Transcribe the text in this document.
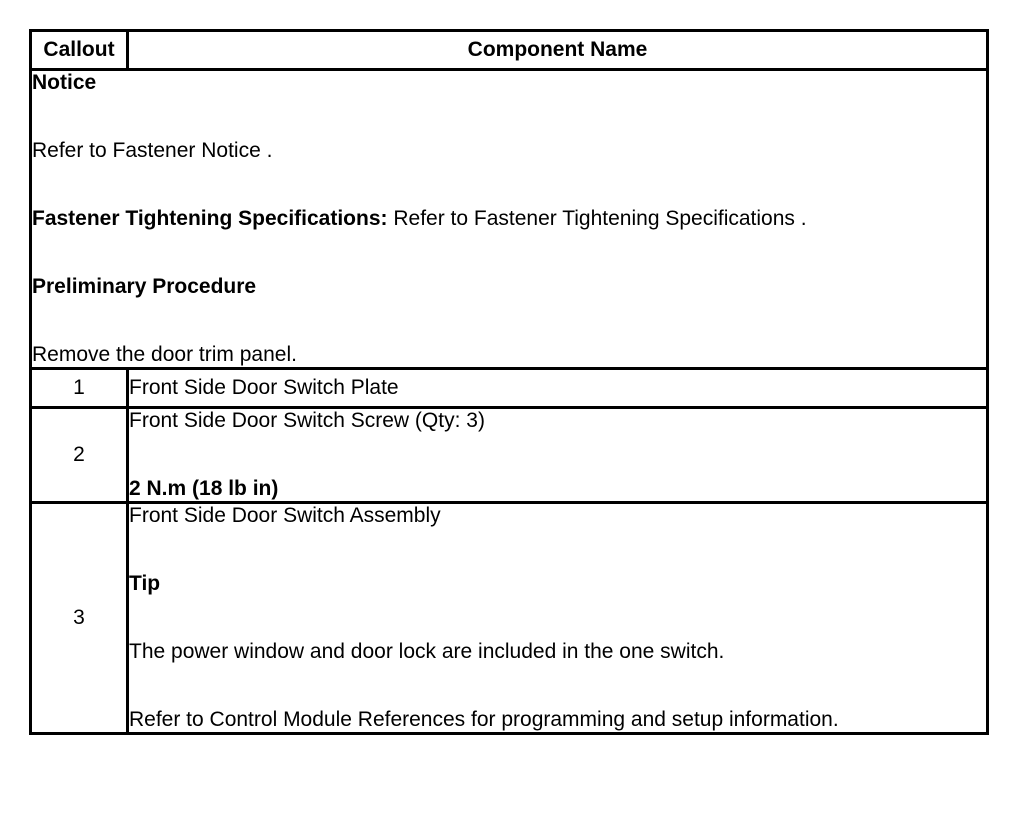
Callout	Component Name

Notice

Refer to Fastener Notice .

Fastener Tightening Specifications: Refer to Fastener Tightening Specifications .

Preliminary Procedure

Remove the door trim panel.	

1	Front Side Door Switch Plate

2	Front Side Door Switch Screw (Qty: 3)

2 N.m (18 lb in)

3	Front Side Door Switch Assembly

Tip

The power window and door lock are included in the one switch.

Refer to Control Module References for programming and setup information.
